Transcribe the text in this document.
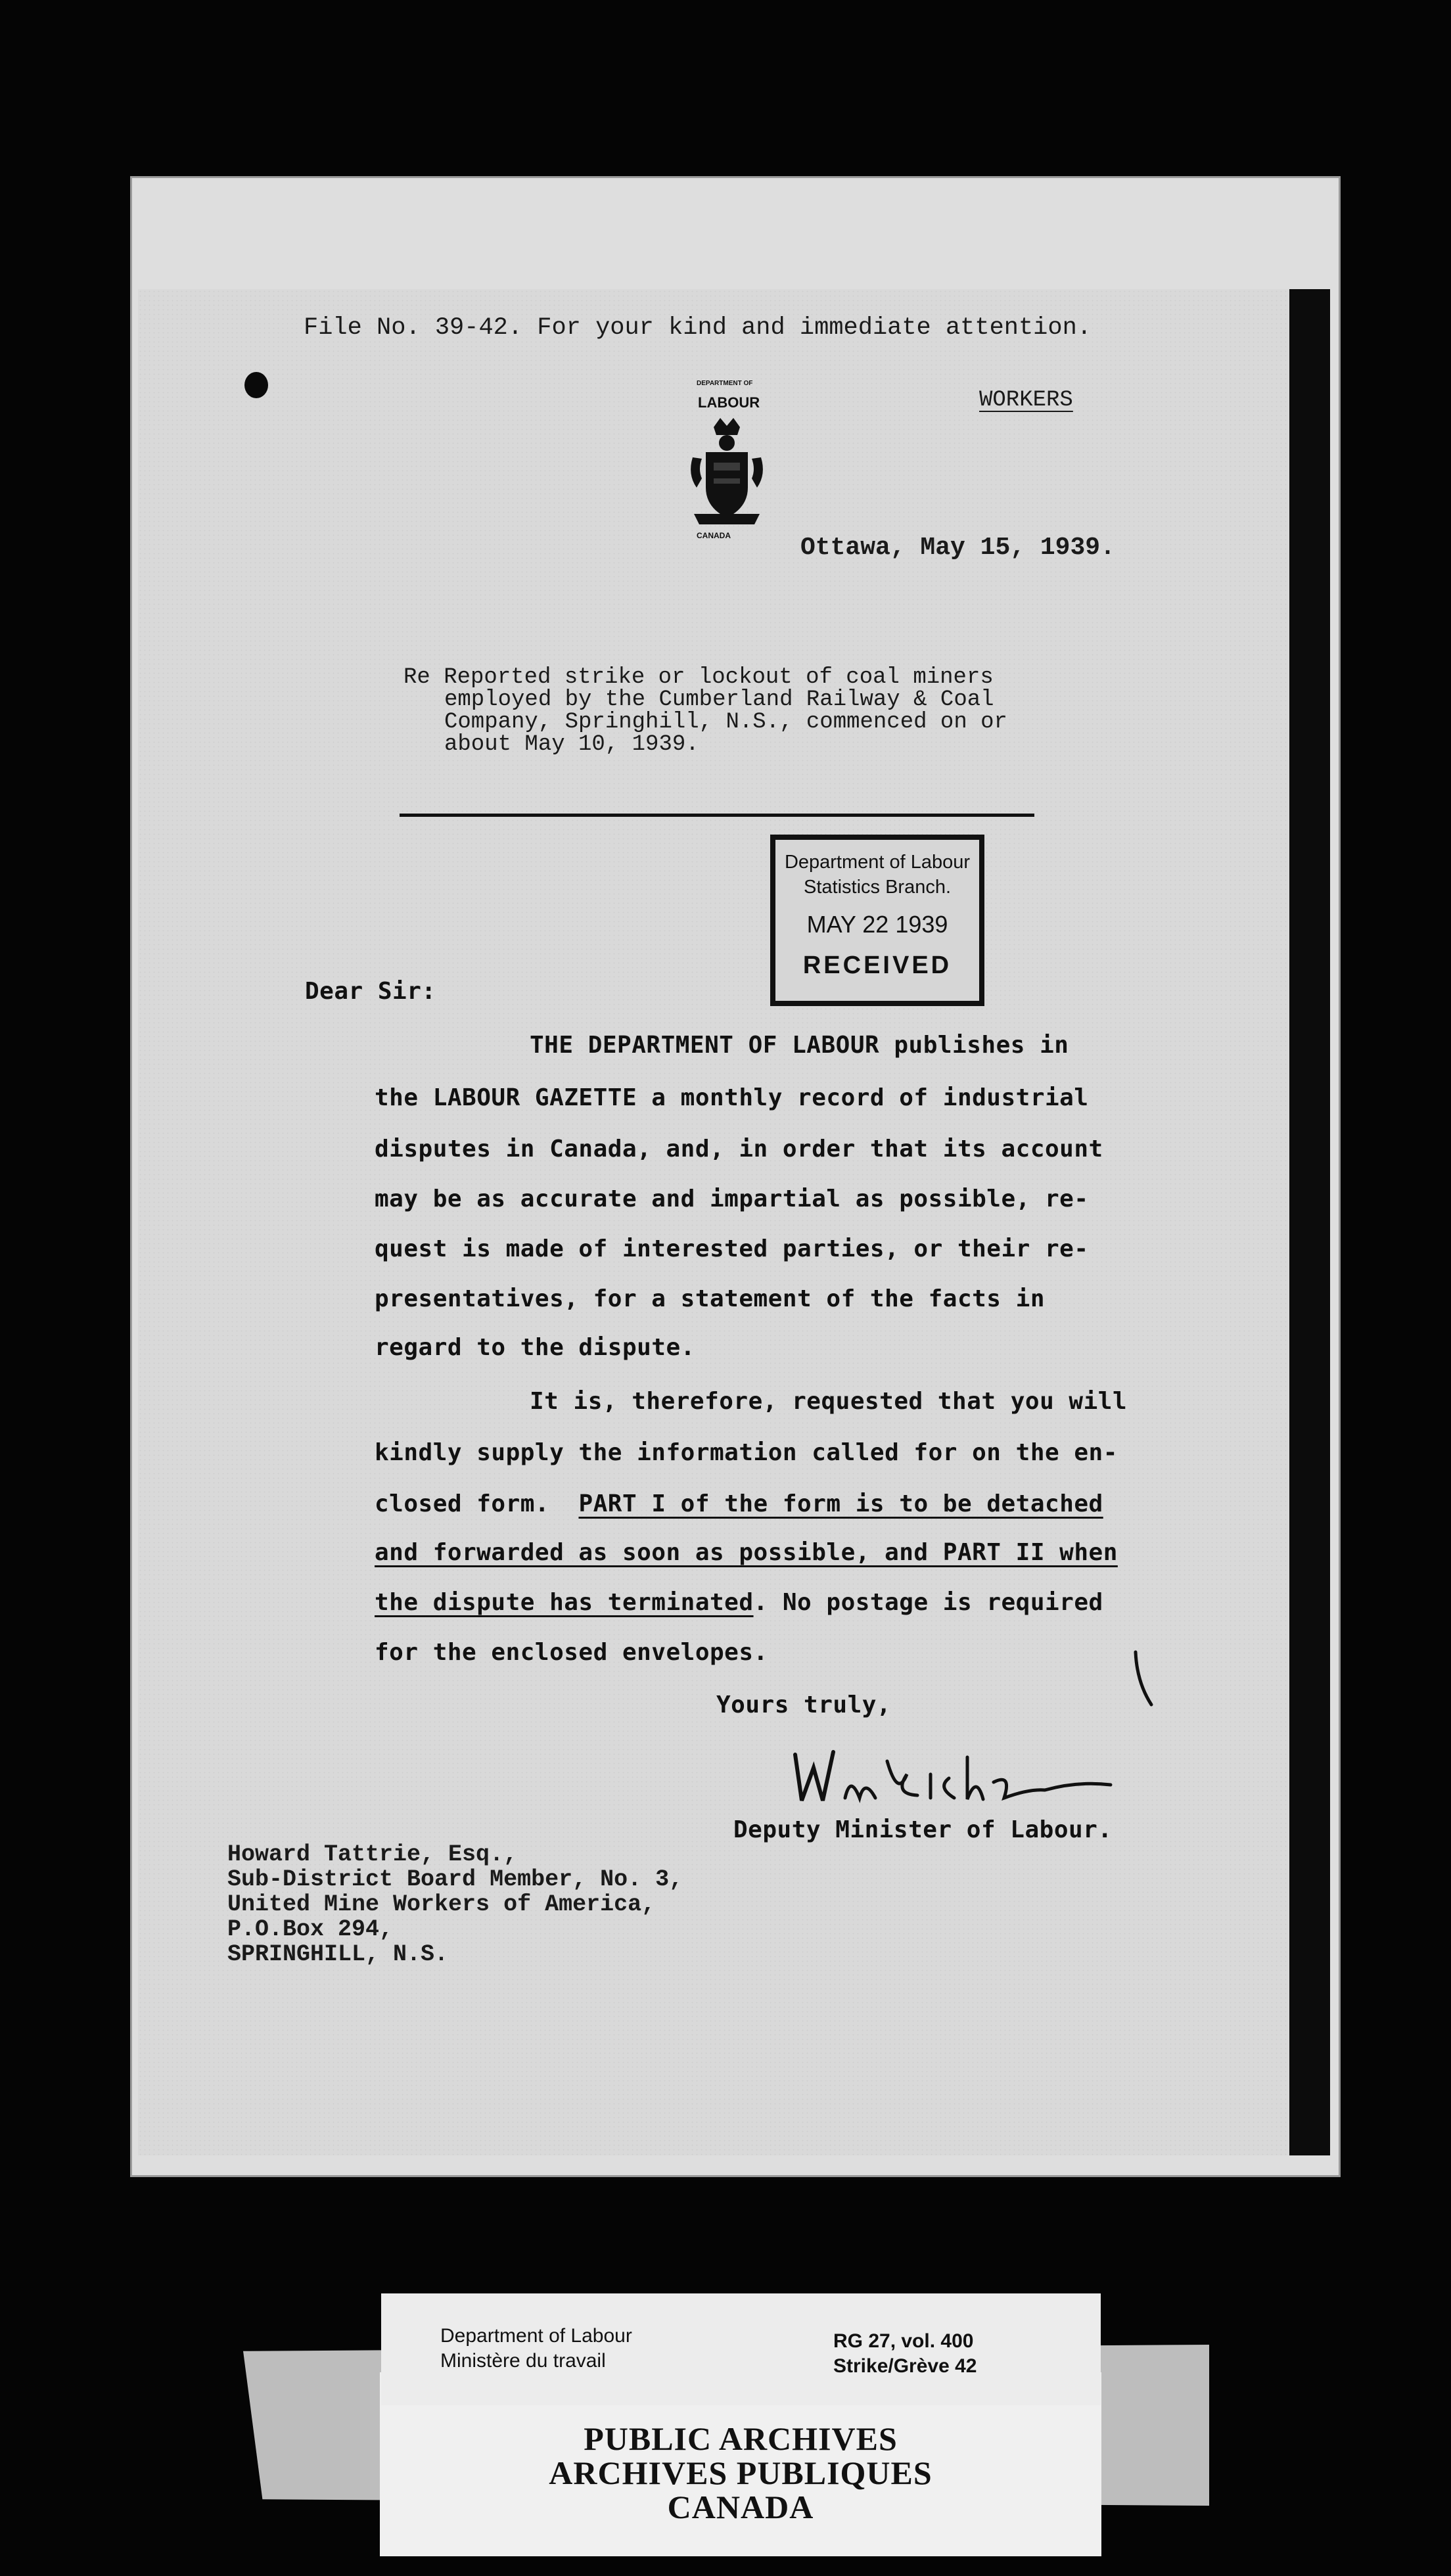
File No. 39-42. For your kind and immediate attention.
DEPARTMENT OF
LABOUR
CANADA
WORKERS
Ottawa, May 15, 1939.
Re Reported strike or lockout of coal miners
employed by the Cumberland Railway & Coal
Company, Springhill, N.S., commenced on or
about May 10, 1939.
Department of Labour
Statistics Branch.
MAY 22 1939
RECEIVED
Dear Sir:
THE DEPARTMENT OF LABOUR publishes in
the LABOUR GAZETTE a monthly record of industrial
disputes in Canada, and, in order that its account
may be as accurate and impartial as possible, re-
quest is made of interested parties, or their re-
presentatives, for a statement of the facts in
regard to the dispute.
It is, therefore, requested that you will
kindly supply the information called for on the en-
closed form. PART I of the form is to be detached
and forwarded as soon as possible, and PART II when
the dispute has terminated. No postage is required
for the enclosed envelopes.
Yours truly,
Deputy Minister of Labour.
Howard Tattrie, Esq.,
Sub-District Board Member, No. 3,
United Mine Workers of America,
P.O.Box 294,
SPRINGHILL, N.S.
PUBLIC ARCHIVES
ARCHIVES PUBLIQUES
CANADA
Department of Labour
Ministère du travail
RG 27, vol. 400
Strike/Grève 42
